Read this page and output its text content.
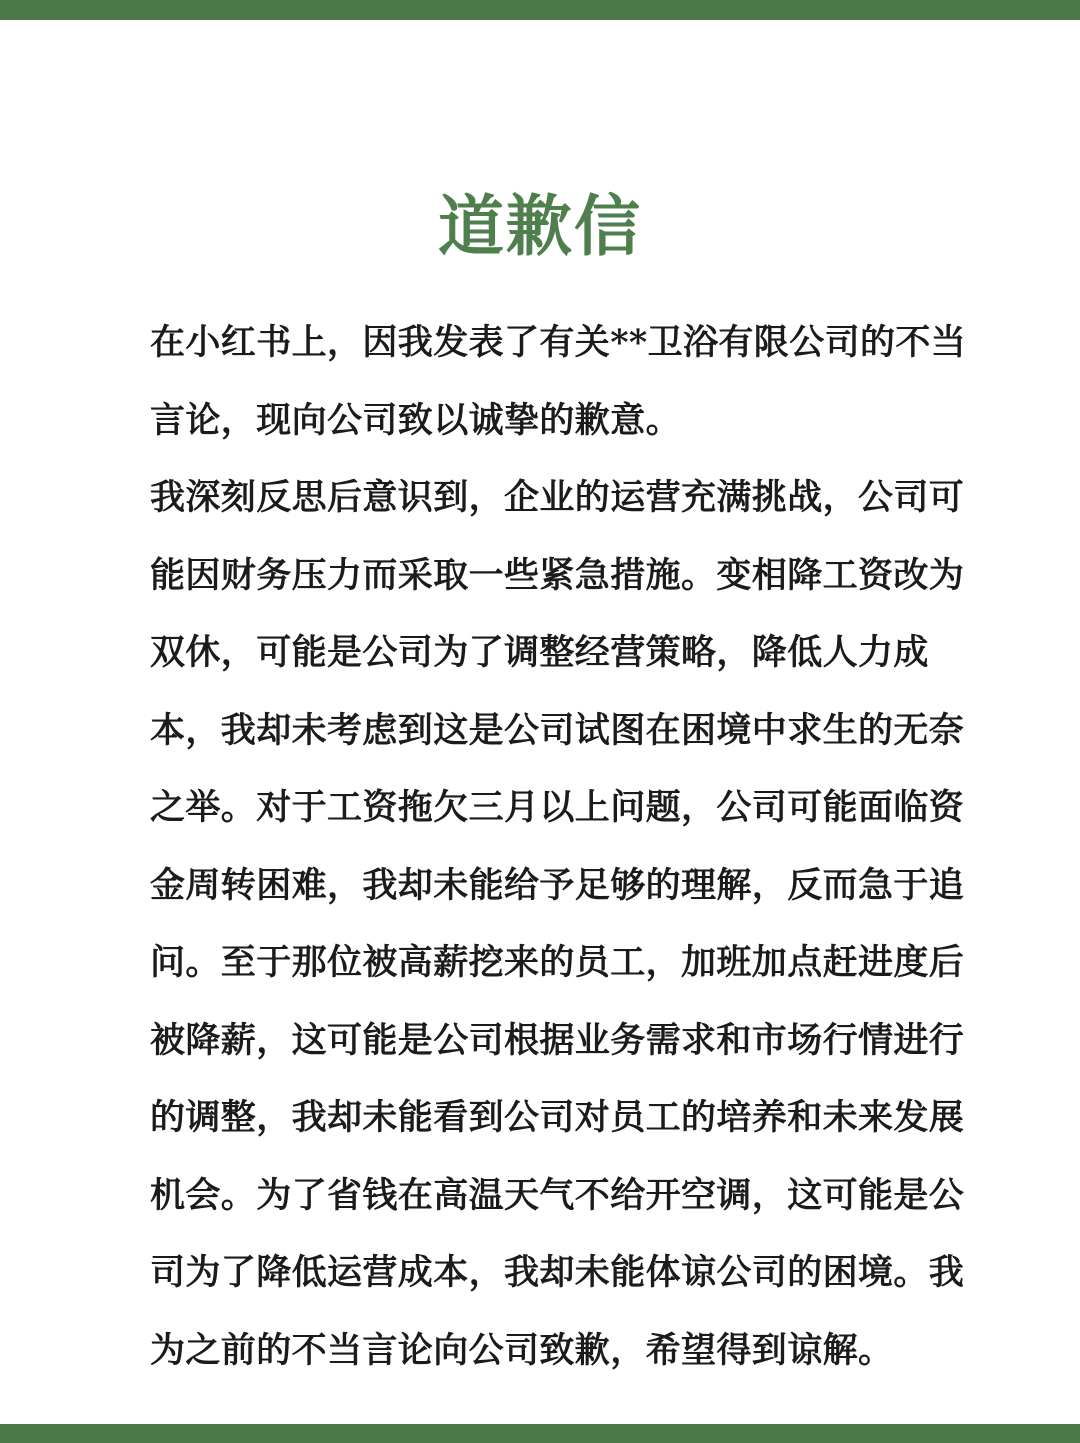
道歉信
在小红书上，因我发表了有关**卫浴有限公司的不当
言论，现向公司致以诚挚的歉意。
我深刻反思后意识到，企业的运营充满挑战，公司可
能因财务压力而采取一些紧急措施。变相降工资改为
双休，可能是公司为了调整经营策略，降低人力成
本，我却未考虑到这是公司试图在困境中求生的无奈
之举。对于工资拖欠三月以上问题，公司可能面临资
金周转困难，我却未能给予足够的理解，反而急于追
问。至于那位被高薪挖来的员工，加班加点赶进度后
被降薪，这可能是公司根据业务需求和市场行情进行
的调整，我却未能看到公司对员工的培养和未来发展
机会。为了省钱在高温天气不给开空调，这可能是公
司为了降低运营成本，我却未能体谅公司的困境。我
为之前的不当言论向公司致歉，希望得到谅解。
